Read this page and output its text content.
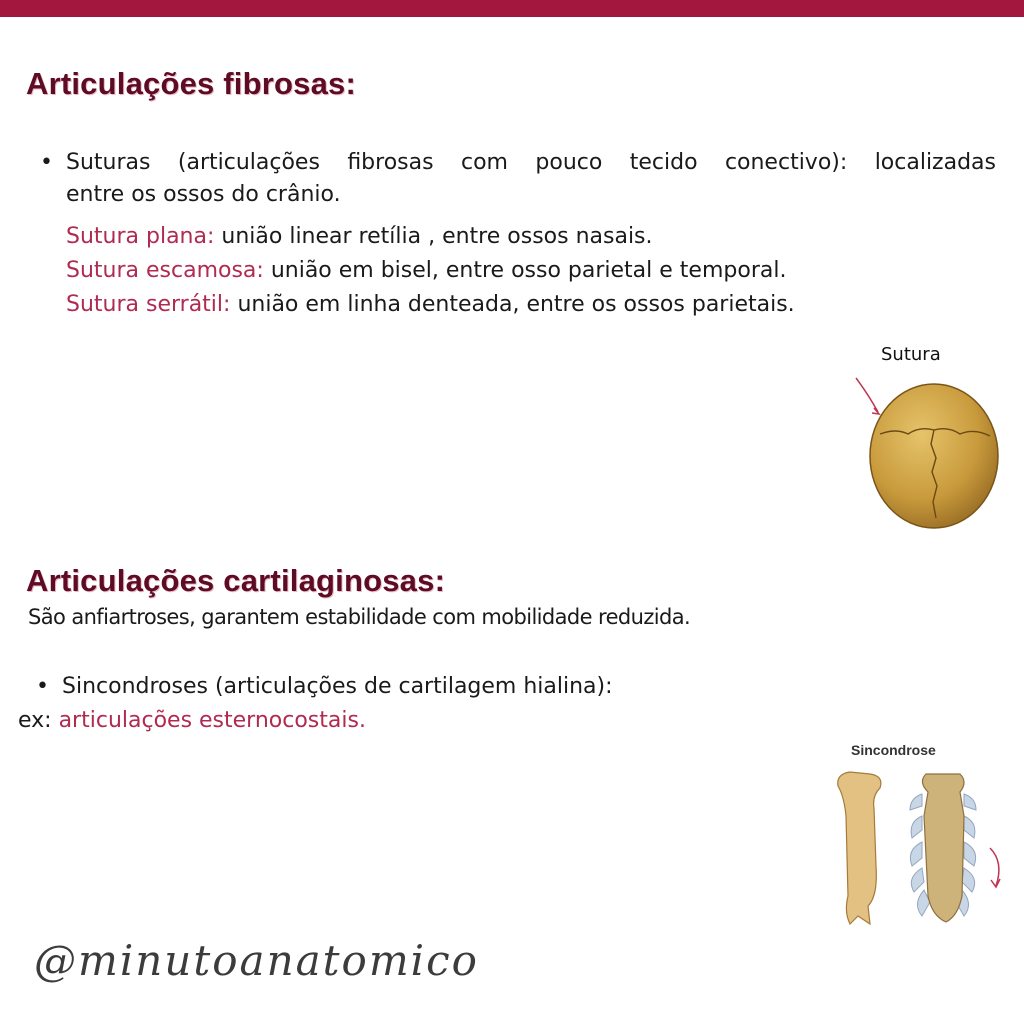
Articulações fibrosas:
• Suturas (articulações fibrosas com pouco tecido conectivo): localizadas

entre os ossos do crânio.

Sutura plana: união linear retília , entre ossos nasais.

Sutura escamosa: união em bisel, entre osso parietal e temporal.

Sutura serrátil: união em linha denteada, entre os ossos parietais.

Sutura
Articulações cartilaginosas:

São anfiartroses, garantem estabilidade com mobilidade reduzida.

• Sincondroses (articulações de cartilagem hialina):

ex: articulações esternocostais.

Sincondrose
@minutoanatomico
